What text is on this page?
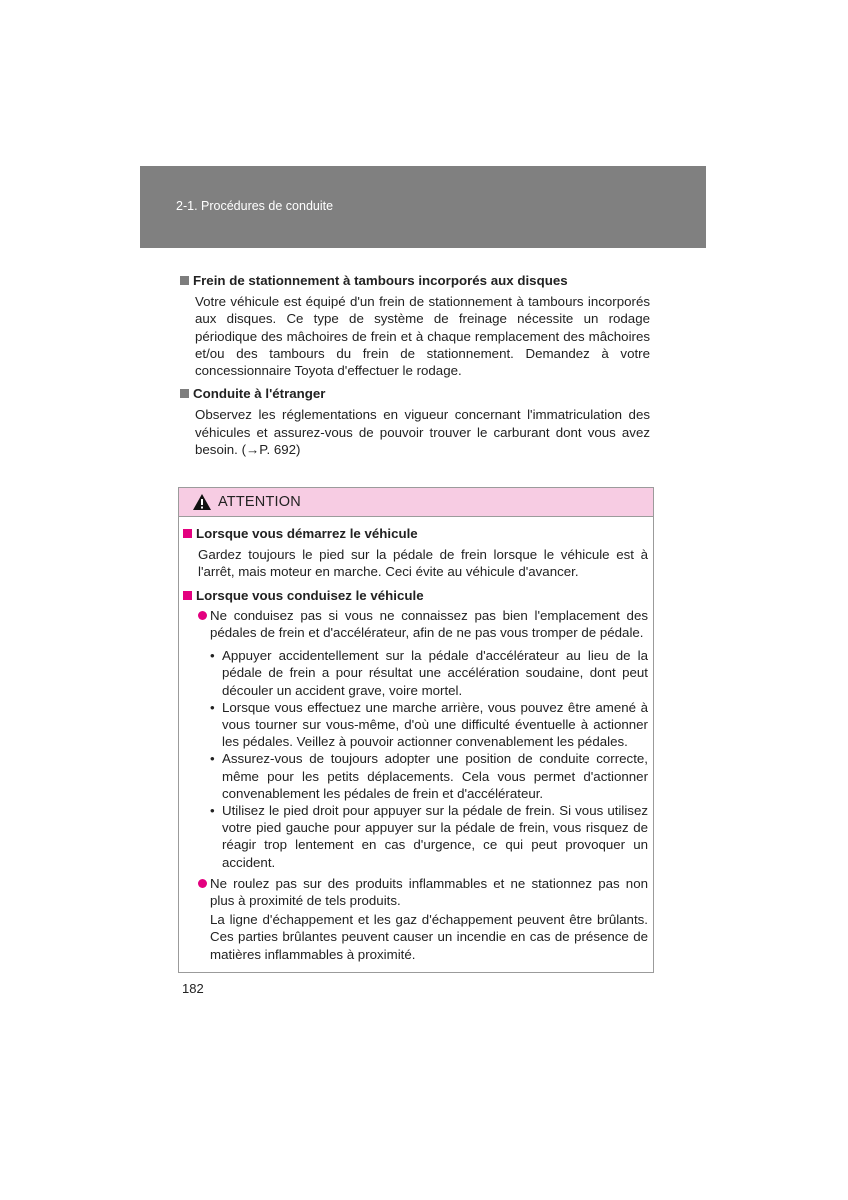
2-1. Procédures de conduite
Frein de stationnement à tambours incorporés aux disques

Votre véhicule est équipé d'un frein de stationnement à tambours incorporés aux disques. Ce type de système de freinage nécessite un rodage périodique des mâchoires de frein et à chaque remplacement des mâchoires et/ou des tambours du frein de stationnement. Demandez à votre concessionnaire Toyota d'effectuer le rodage.

Conduite à l'étranger

Observez les réglementations en vigueur concernant l'immatriculation des véhicules et assurez-vous de pouvoir trouver le carburant dont vous avez besoin. (→P. 692)

ATTENTION
Lorsque vous démarrez le véhicule

Gardez toujours le pied sur la pédale de frein lorsque le véhicule est à l'arrêt, mais moteur en marche. Ceci évite au véhicule d'avancer.

Lorsque vous conduisez le véhicule
Ne conduisez pas si vous ne connaissez pas bien l'emplacement des pédales de frein et d'accélérateur, afin de ne pas vous tromper de pédale.
• Appuyer accidentellement sur la pédale d'accélérateur au lieu de la pédale de frein a pour résultat une accélération soudaine, dont peut découler un accident grave, voire mortel.
• Lorsque vous effectuez une marche arrière, vous pouvez être amené à vous tourner sur vous-même, d'où une difficulté éventuelle à actionner les pédales. Veillez à pouvoir actionner convenablement les pédales.
• Assurez-vous de toujours adopter une position de conduite correcte, même pour les petits déplacements. Cela vous permet d'actionner convenablement les pédales de frein et d'accélérateur.
• Utilisez le pied droit pour appuyer sur la pédale de frein. Si vous utilisez votre pied gauche pour appuyer sur la pédale de frein, vous risquez de réagir trop lentement en cas d'urgence, ce qui peut provoquer un accident.
Ne roulez pas sur des produits inflammables et ne stationnez pas non plus à proximité de tels produits.
La ligne d'échappement et les gaz d'échappement peuvent être brûlants. Ces parties brûlantes peuvent causer un incendie en cas de présence de matières inflammables à proximité.
182
